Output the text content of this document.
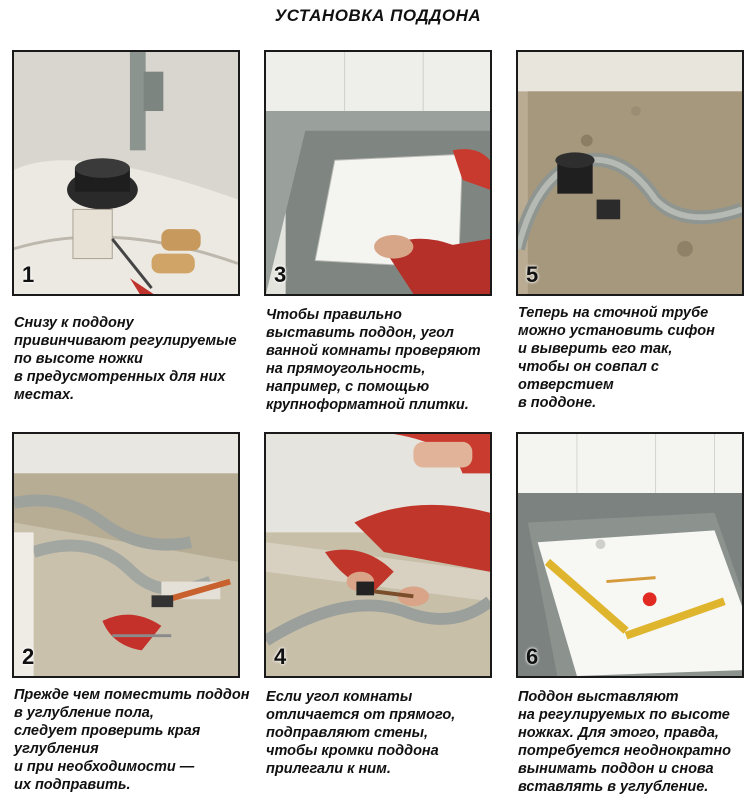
УСТАНОВКА ПОДДОНА
1	3	5
2	4	6
Снизу к поддону
привинчивают регулируемые
по высоте ножки
в предусмотренных для них
местах.
Чтобы правильно
выставить поддон, угол
ванной комнаты проверяют
на прямоугольность,
например, с помощью
крупноформатной плитки.
Теперь на сточной трубе
можно установить сифон
и выверить его так,
чтобы он совпал с отверстием
в поддоне.
Прежде чем поместить поддон
в углубление пола,
следует проверить края
углубления
и при необходимости —
их подправить.
Если угол комнаты
отличается от прямого,
подправляют стены,
чтобы кромки поддона
прилегали к ним.
Поддон выставляют
на регулируемых по высоте
ножках. Для этого, правда,
потребуется неоднократно
вынимать поддон и снова
вставлять в углубление.
